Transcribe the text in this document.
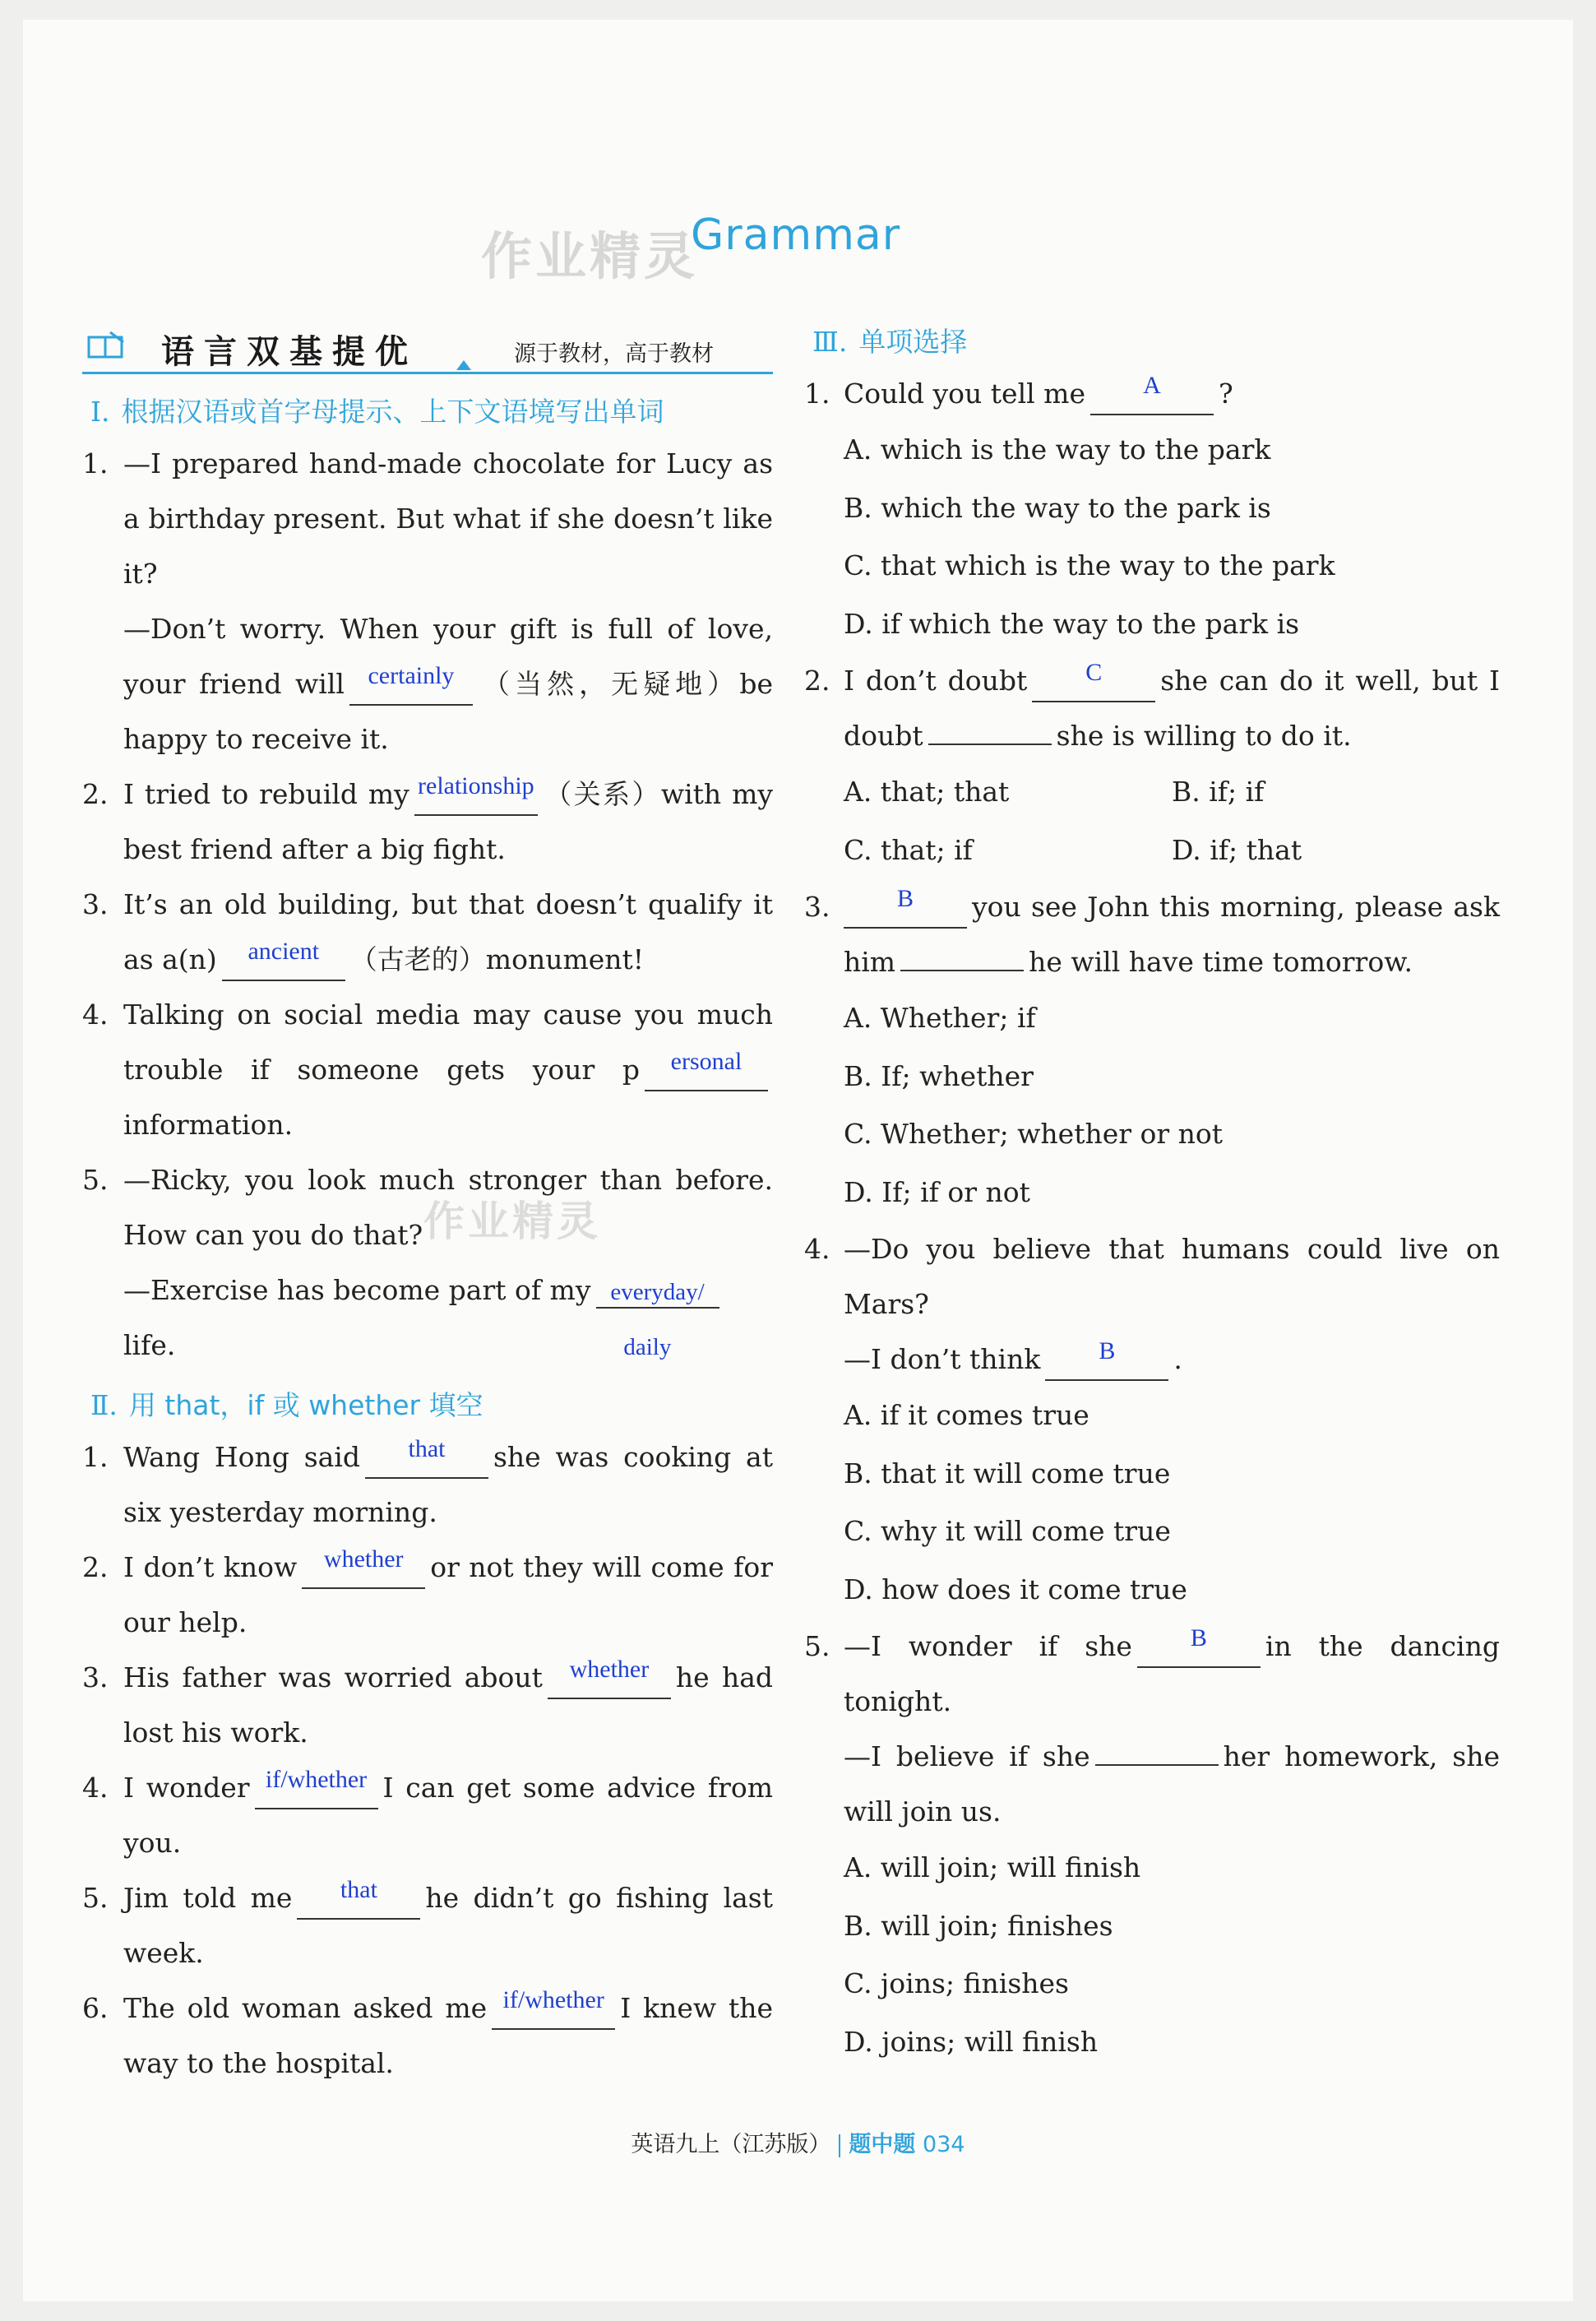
作业精灵
Grammar
语言双基提优	源于教材，高于教材
Ⅰ. 根据汉语或首字母提示、上下文语境写出单词
1. —I prepared hand-made chocolate for Lucy as a birthday present. But what if she doesn’t like it?
—Don’t worry. When your gift is full of love, your friend will certainly （当然，无疑地）be happy to receive it.
2. I tried to rebuild my relationship （关系）with my best friend after a big fight.
3. It’s an old building, but that doesn’t qualify it as a(n) ancient （古老的）monument!
4. Talking on social media may cause you much trouble if someone gets your p ersonal information.
5. —Ricky, you look much stronger than before. How can you do that?
—Exercise has become part of my everyday/
life.	daily
Ⅱ. 用 that，if 或 whether 填空
1. Wang Hong said that she was cooking at six yesterday morning.
2. I don’t know whether or not they will come for our help.
3. His father was worried about whether he had lost his work.
4. I wonder if/whether I can get some advice from you.
5. Jim told me that he didn’t go fishing last week.
6. The old woman asked me if/whether I knew the way to the hospital.
Ⅲ. 单项选择
1. Could you tell me A ?
A. which is the way to the park
B. which the way to the park is
C. that which is the way to the park
D. if which the way to the park is
2. I don’t doubt C she can do it well, but I doubt	she is willing to do it.
A. that; that	B. if; if
C. that; if	D. if; that
3.	B you see John this morning, please ask him	he will have time tomorrow.
A. Whether; if
B. If; whether
C. Whether; whether or not
D. If; if or not
4. —Do you believe that humans could live on Mars?
—I don’t think B .
A. if it comes true
B. that it will come true
C. why it will come true
D. how does it come true
5. —I wonder if she B in the dancing tonight.
—I believe if she	her homework, she will join us.
A. will join; will finish
B. will join; finishes
C. joins; finishes
D. joins; will finish
作业精灵
英语九上（江苏版） 题中题 034
